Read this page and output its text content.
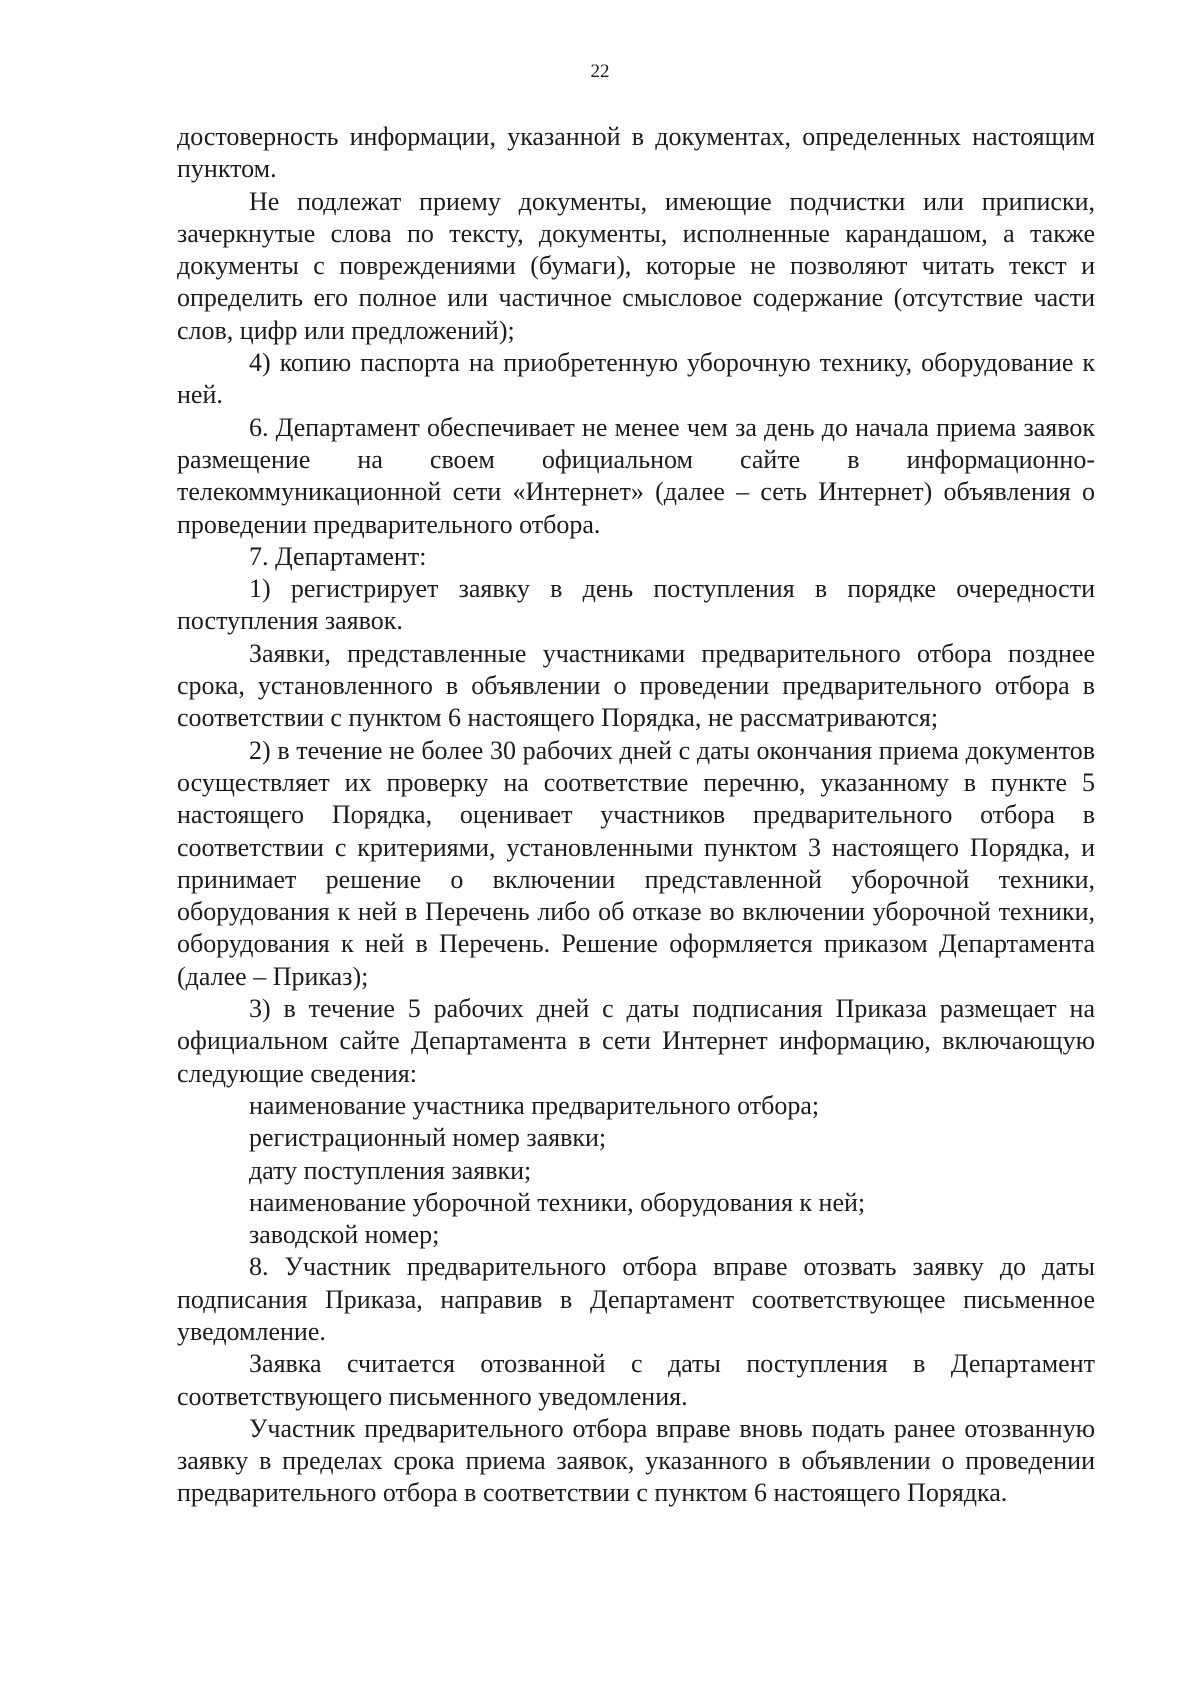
22

достоверность информации, указанной в документах, определенных настоящим пунктом.

Не подлежат приему документы, имеющие подчистки или приписки, зачеркнутые слова по тексту, документы, исполненные карандашом, а также документы с повреждениями (бумаги), которые не позволяют читать текст и определить его полное или частичное смысловое содержание (отсутствие части слов, цифр или предложений);

4) копию паспорта на приобретенную уборочную технику, оборудование к ней.

6. Департамент обеспечивает не менее чем за день до начала приема заявок размещение на своем официальном сайте в информационно-телекоммуникационной сети «Интернет» (далее – сеть Интернет) объявления о проведении предварительного отбора.

7. Департамент:

1) регистрирует заявку в день поступления в порядке очередности поступления заявок.

Заявки, представленные участниками предварительного отбора позднее срока, установленного в объявлении о проведении предварительного отбора в соответствии с пунктом 6 настоящего Порядка, не рассматриваются;

2) в течение не более 30 рабочих дней с даты окончания приема документов осуществляет их проверку на соответствие перечню, указанному в пункте 5 настоящего Порядка, оценивает участников предварительного отбора в соответствии с критериями, установленными пунктом 3 настоящего Порядка, и принимает решение о включении представленной уборочной техники, оборудования к ней в Перечень либо об отказе во включении уборочной техники, оборудования к ней в Перечень. Решение оформляется приказом Департамента (далее – Приказ);

3) в течение 5 рабочих дней с даты подписания Приказа размещает на официальном сайте Департамента в сети Интернет информацию, включающую следующие сведения:

наименование участника предварительного отбора;

регистрационный номер заявки;

дату поступления заявки;

наименование уборочной техники, оборудования к ней;

заводской номер;

8. Участник предварительного отбора вправе отозвать заявку до даты подписания Приказа, направив в Департамент соответствующее письменное уведомление.

Заявка считается отозванной с даты поступления в Департамент соответствующего письменного уведомления.

Участник предварительного отбора вправе вновь подать ранее отозванную заявку в пределах срока приема заявок, указанного в объявлении о проведении предварительного отбора в соответствии с пунктом 6 настоящего Порядка.
